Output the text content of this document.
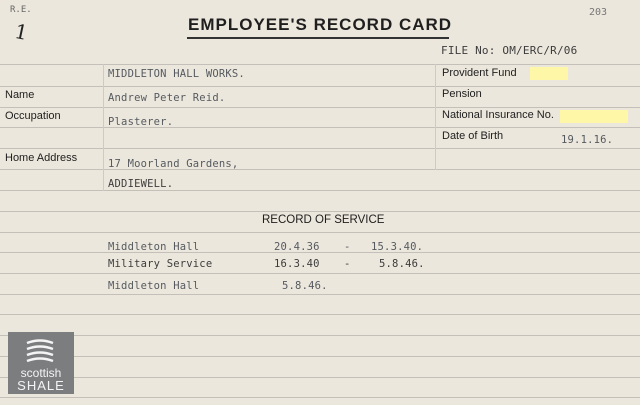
R.E.
1
203
EMPLOYEE'S RECORD CARD
FILE No: OM/ERC/R/06
MIDDLETON HALL WORKS.
Name	Andrew Peter Reid.
Occupation	Plasterer.
Home Address	17 Moorland Gardens,
ADDIEWELL.
Provident Fund
Pension
National Insurance No.
Date of Birth	19.1.16.
RECORD OF SERVICE
Middleton Hall	20.4.36 - 15.3.40.
Military Service	16.3.40 -	5.8.46.
Middleton Hall	5.8.46.
scottish
SHALE
